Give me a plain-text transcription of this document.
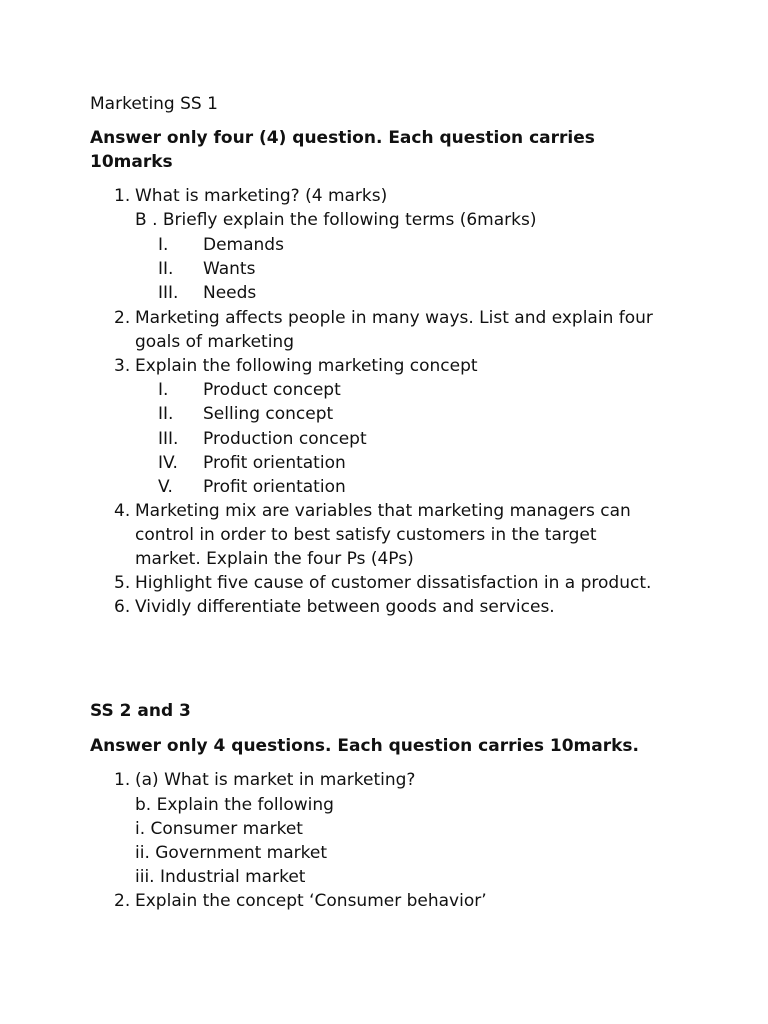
Marketing SS 1
Answer only four (4) question. Each question carries
10marks
1. What is marketing? (4 marks)
B . Briefly explain the following terms (6marks)
I. Demands
II. Wants
III. Needs
2. Marketing affects people in many ways. List and explain four
goals of marketing
3. Explain the following marketing concept
I. Product concept
II. Selling concept
III. Production concept
IV. Profit orientation
V. Profit orientation
4. Marketing mix are variables that marketing managers can
control in order to best satisfy customers in the target
market. Explain the four Ps (4Ps)
5. Highlight five cause of customer dissatisfaction in a product.
6. Vividly differentiate between goods and services.
SS 2 and 3
Answer only 4 questions. Each question carries 10marks.
1. (a) What is market in marketing?
b. Explain the following
i. Consumer market
ii. Government market
iii. Industrial market
2. Explain the concept ‘Consumer behavior’
